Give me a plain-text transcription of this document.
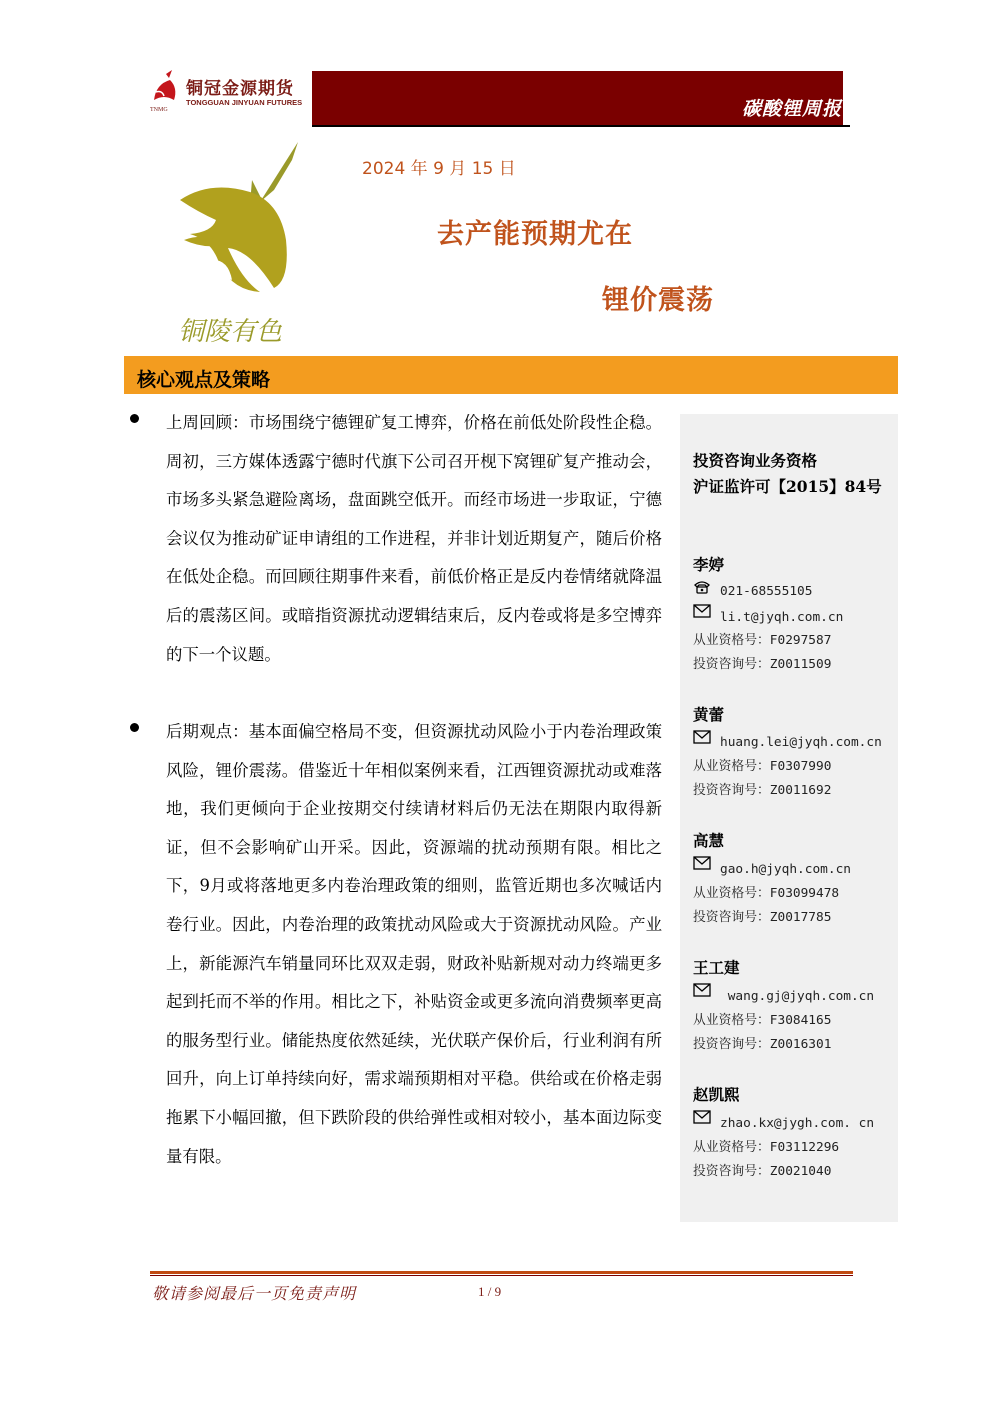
铜冠金源期货
TONGGUAN JINYUAN FUTURES
TNMG	碳酸锂周报
铜陵有色
2024 年 9 月 15 日
去产能预期尤在
锂价震荡
核心观点及策略
上周回顾：市场围绕宁德锂矿复工博弈，价格在前低处阶段性企稳。周初，三方媒体透露宁德时代旗下公司召开枧下窝锂矿复产推动会，市场多头紧急避险离场，盘面跳空低开。而经市场进一步取证，宁德会议仅为推动矿证申请组的工作进程，并非计划近期复产，随后价格在低处企稳。而回顾往期事件来看，前低价格正是反内卷情绪就降温后的震荡区间。或暗指资源扰动逻辑结束后，反内卷或将是多空博弈的下一个议题。
后期观点：基本面偏空格局不变，但资源扰动风险小于内卷治理政策风险，锂价震荡。借鉴近十年相似案例来看，江西锂资源扰动或难落地，我们更倾向于企业按期交付续请材料后仍无法在期限内取得新证，但不会影响矿山开采。因此，资源端的扰动预期有限。相比之下，9月或将落地更多内卷治理政策的细则，监管近期也多次喊话内卷行业。因此，内卷治理的政策扰动风险或大于资源扰动风险。产业上，新能源汽车销量同环比双双走弱，财政补贴新规对动力终端更多起到托而不举的作用。相比之下，补贴资金或更多流向消费频率更高的服务型行业。储能热度依然延续，光伏联产保价后，行业利润有所回升，向上订单持续向好，需求端预期相对平稳。供给或在价格走弱拖累下小幅回撤，但下跌阶段的供给弹性或相对较小，基本面边际变量有限。
投资咨询业务资格
沪证监许可【2015】84号
李婷
021-68555105
li.t@jyqh.com.cn
从业资格号：F0297587
投资咨询号：Z0011509
黄蕾
huang.lei@jyqh.com.cn
从业资格号：F0307990
投资咨询号：Z0011692
高慧
gao.h@jyqh.com.cn
从业资格号：F03099478
投资咨询号：Z0017785
王工建
wang.gj@jyqh.com.cn
从业资格号：F3084165
投资咨询号：Z0016301
赵凯熙
zhao.kx@jygh.com. cn
从业资格号：F03112296
投资咨询号：Z0021040
敬请参阅最后一页免责声明	1 / 9
